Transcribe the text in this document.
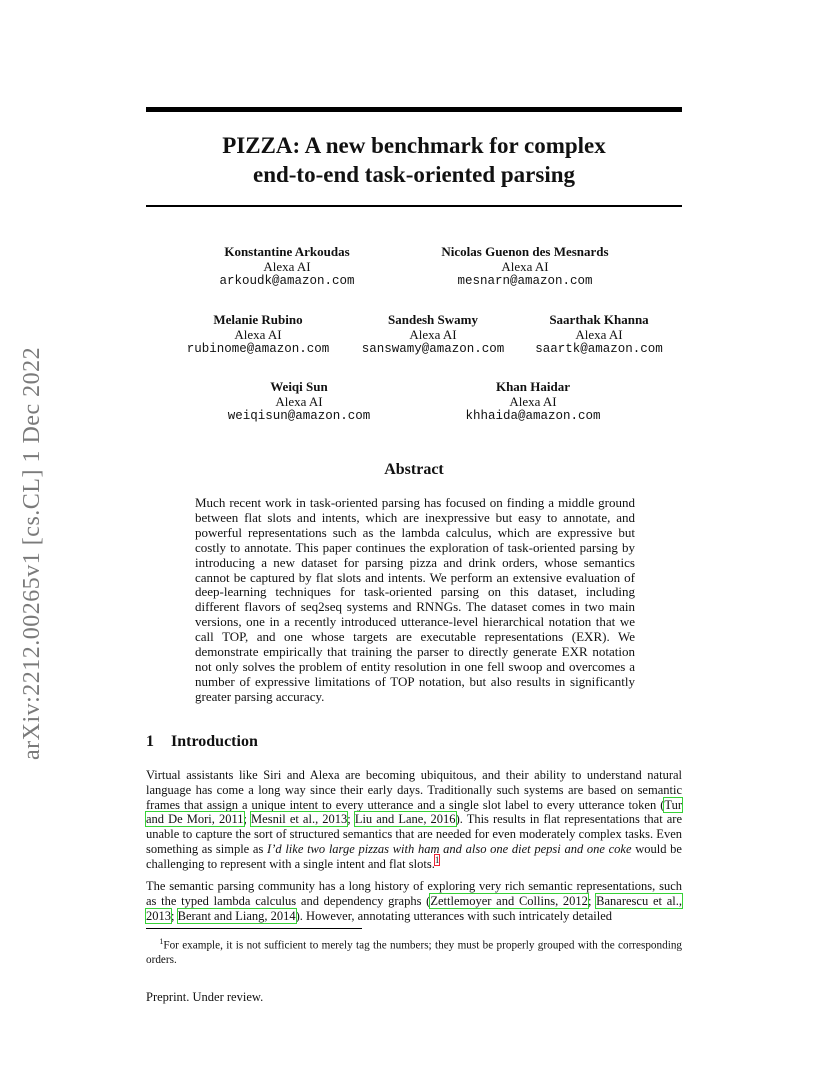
arXiv:2212.00265v1 [cs.CL] 1 Dec 2022
PIZZA: A new benchmark for complex
end-to-end task-oriented parsing
Konstantine Arkoudas
Alexa AI
arkoudk@amazon.com
Nicolas Guenon des Mesnards
Alexa AI
mesnarn@amazon.com
Melanie Rubino
Alexa AI
rubinome@amazon.com
Sandesh Swamy
Alexa AI
sanswamy@amazon.com
Saarthak Khanna
Alexa AI
saartk@amazon.com
Weiqi Sun
Alexa AI
weiqisun@amazon.com
Khan Haidar
Alexa AI
khhaida@amazon.com
Abstract
Much recent work in task-oriented parsing has focused on finding a middle ground between flat slots and intents, which are inexpressive but easy to annotate, and powerful representations such as the lambda calculus, which are expressive but costly to annotate. This paper continues the exploration of task-oriented parsing by introducing a new dataset for parsing pizza and drink orders, whose semantics cannot be captured by flat slots and intents. We perform an extensive evaluation of deep-learning techniques for task-oriented parsing on this dataset, including different flavors of seq2seq systems and RNNGs. The dataset comes in two main versions, one in a recently introduced utterance-level hierarchical notation that we call TOP, and one whose targets are executable representations (EXR). We demonstrate empirically that training the parser to directly generate EXR notation not only solves the problem of entity resolution in one fell swoop and overcomes a number of expressive limitations of TOP notation, but also results in significantly greater parsing accuracy.
1 Introduction
Virtual assistants like Siri and Alexa are becoming ubiquitous, and their ability to understand natural language has come a long way since their early days. Traditionally such systems are based on semantic frames that assign a unique intent to every utterance and a single slot label to every utterance token (Tur and De Mori, 2011; Mesnil et al., 2013; Liu and Lane, 2016). This results in flat representations that are unable to capture the sort of structured semantics that are needed for even moderately complex tasks. Even something as simple as I’d like two large pizzas with ham and also one diet pepsi and one coke would be challenging to represent with a single intent and flat slots.$^1$
The semantic parsing community has a long history of exploring very rich semantic representations, such as the typed lambda calculus and dependency graphs (Zettlemoyer and Collins, 2012; Banarescu et al., 2013; Berant and Liang, 2014). However, annotating utterances with such intricately detailed
$^1$For example, it is not sufficient to merely tag the numbers; they must be properly grouped with the corresponding orders.
Preprint. Under review.
